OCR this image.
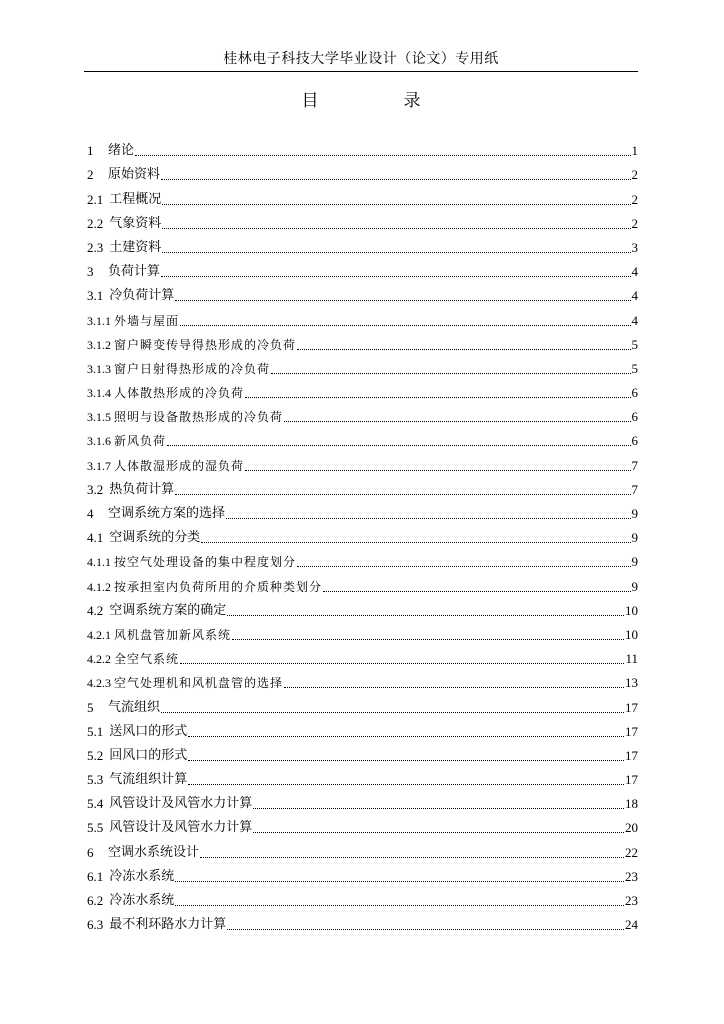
桂林电子科技大学毕业设计（论文）专用纸
目　录
1	绪论	1
2	原始资料	2
2.1 工程概况	2
2.2 气象资料	2
2.3 土建资料	3
3	负荷计算	4
3.1 冷负荷计算	4
3.1.1 外墙与屋面	4
3.1.2 窗户瞬变传导得热形成的冷负荷	5
3.1.3 窗户日射得热形成的冷负荷	5
3.1.4 人体散热形成的冷负荷	6
3.1.5 照明与设备散热形成的冷负荷	6
3.1.6 新风负荷	6
3.1.7 人体散湿形成的湿负荷	7
3.2 热负荷计算	7
4	空调系统方案的选择	9
4.1 空调系统的分类	9
4.1.1 按空气处理设备的集中程度划分	9
4.1.2 按承担室内负荷所用的介质种类划分	9
4.2 空调系统方案的确定	10
4.2.1 风机盘管加新风系统	10
4.2.2 全空气系统	11
4.2.3 空气处理机和风机盘管的选择	13
5	气流组织	17
5.1 送风口的形式	17
5.2 回风口的形式	17
5.3 气流组织计算	17
5.4 风管设计及风管水力计算	18
5.5 风管设计及风管水力计算	20
6	空调水系统设计	22
6.1 冷冻水系统	23
6.2 冷冻水系统	23
6.3 最不利环路水力计算	24
